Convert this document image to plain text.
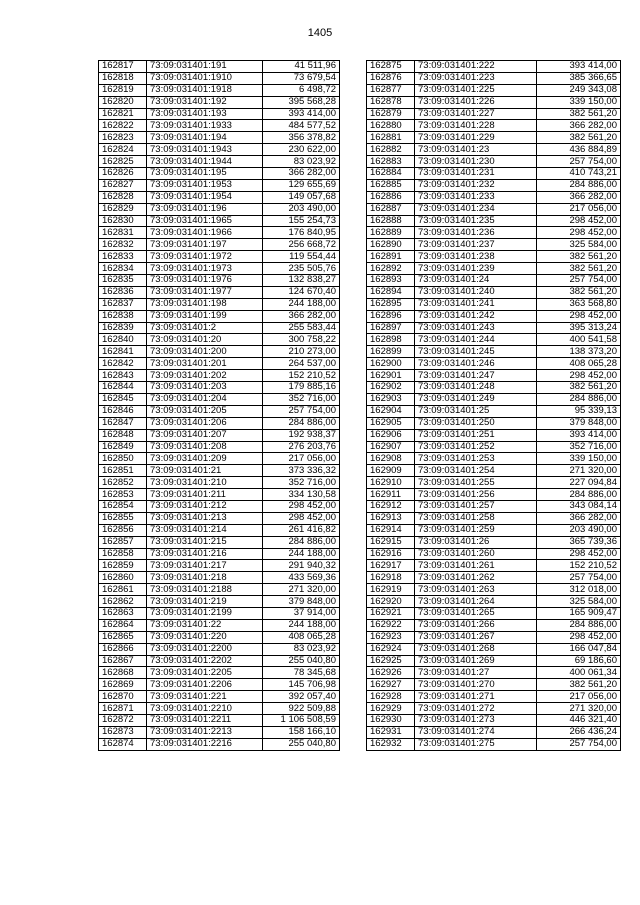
1405
162817	73:09:031401:191	41 511,96
162818	73:09:031401:1910	73 679,54
162819	73:09:031401:1918	6 498,72
162820	73:09:031401:192	395 568,28
162821	73:09:031401:193	393 414,00
162822	73:09:031401:1933	484 577,52
162823	73:09:031401:194	356 378,82
162824	73:09:031401:1943	230 622,00
162825	73:09:031401:1944	83 023,92
162826	73:09:031401:195	366 282,00
162827	73:09:031401:1953	129 655,69
162828	73:09:031401:1954	149 057,68
162829	73:09:031401:196	203 490,00
162830	73:09:031401:1965	155 254,73
162831	73:09:031401:1966	176 840,95
162832	73:09:031401:197	256 668,72
162833	73:09:031401:1972	119 554,44
162834	73:09:031401:1973	235 505,76
162835	73:09:031401:1976	132 838,27
162836	73:09:031401:1977	124 670,40
162837	73:09:031401:198	244 188,00
162838	73:09:031401:199	366 282,00
162839	73:09:031401:2	255 583,44
162840	73:09:031401:20	300 758,22
162841	73:09:031401:200	210 273,00
162842	73:09:031401:201	264 537,00
162843	73:09:031401:202	152 210,52
162844	73:09:031401:203	179 885,16
162845	73:09:031401:204	352 716,00
162846	73:09:031401:205	257 754,00
162847	73:09:031401:206	284 886,00
162848	73:09:031401:207	192 938,37
162849	73:09:031401:208	276 203,76
162850	73:09:031401:209	217 056,00
162851	73:09:031401:21	373 336,32
162852	73:09:031401:210	352 716,00
162853	73:09:031401:211	334 130,58
162854	73:09:031401:212	298 452,00
162855	73:09:031401:213	298 452,00
162856	73:09:031401:214	261 416,82
162857	73:09:031401:215	284 886,00
162858	73:09:031401:216	244 188,00
162859	73:09:031401:217	291 940,32
162860	73:09:031401:218	433 569,36
162861	73:09:031401:2188	271 320,00
162862	73:09:031401:219	379 848,00
162863	73:09:031401:2199	37 914,00
162864	73:09:031401:22	244 188,00
162865	73:09:031401:220	408 065,28
162866	73:09:031401:2200	83 023,92
162867	73:09:031401:2202	255 040,80
162868	73:09:031401:2205	78 345,68
162869	73:09:031401:2206	145 706,98
162870	73:09:031401:221	392 057,40
162871	73:09:031401:2210	922 509,88
162872	73:09:031401:2211	1 106 508,59
162873	73:09:031401:2213	158 166,10
162874	73:09:031401:2216	255 040,80
162875	73:09:031401:222	393 414,00
162876	73:09:031401:223	385 366,65
162877	73:09:031401:225	249 343,08
162878	73:09:031401:226	339 150,00
162879	73:09:031401:227	382 561,20
162880	73:09:031401:228	366 282,00
162881	73:09:031401:229	382 561,20
162882	73:09:031401:23	436 884,89
162883	73:09:031401:230	257 754,00
162884	73:09:031401:231	410 743,21
162885	73:09:031401:232	284 886,00
162886	73:09:031401:233	366 282,00
162887	73:09:031401:234	217 056,00
162888	73:09:031401:235	298 452,00
162889	73:09:031401:236	298 452,00
162890	73:09:031401:237	325 584,00
162891	73:09:031401:238	382 561,20
162892	73:09:031401:239	382 561,20
162893	73:09:031401:24	257 754,00
162894	73:09:031401:240	382 561,20
162895	73:09:031401:241	363 568,80
162896	73:09:031401:242	298 452,00
162897	73:09:031401:243	395 313,24
162898	73:09:031401:244	400 541,58
162899	73:09:031401:245	138 373,20
162900	73:09:031401:246	408 065,28
162901	73:09:031401:247	298 452,00
162902	73:09:031401:248	382 561,20
162903	73:09:031401:249	284 886,00
162904	73:09:031401:25	95 339,13
162905	73:09:031401:250	379 848,00
162906	73:09:031401:251	393 414,00
162907	73:09:031401:252	352 716,00
162908	73:09:031401:253	339 150,00
162909	73:09:031401:254	271 320,00
162910	73:09:031401:255	227 094,84
162911	73:09:031401:256	284 886,00
162912	73:09:031401:257	343 084,14
162913	73:09:031401:258	366 282,00
162914	73:09:031401:259	203 490,00
162915	73:09:031401:26	365 739,36
162916	73:09:031401:260	298 452,00
162917	73:09:031401:261	152 210,52
162918	73:09:031401:262	257 754,00
162919	73:09:031401:263	312 018,00
162920	73:09:031401:264	325 584,00
162921	73:09:031401:265	165 909,47
162922	73:09:031401:266	284 886,00
162923	73:09:031401:267	298 452,00
162924	73:09:031401:268	166 047,84
162925	73:09:031401:269	69 186,60
162926	73:09:031401:27	400 061,34
162927	73:09:031401:270	382 561,20
162928	73:09:031401:271	217 056,00
162929	73:09:031401:272	271 320,00
162930	73:09:031401:273	446 321,40
162931	73:09:031401:274	266 436,24
162932	73:09:031401:275	257 754,00
